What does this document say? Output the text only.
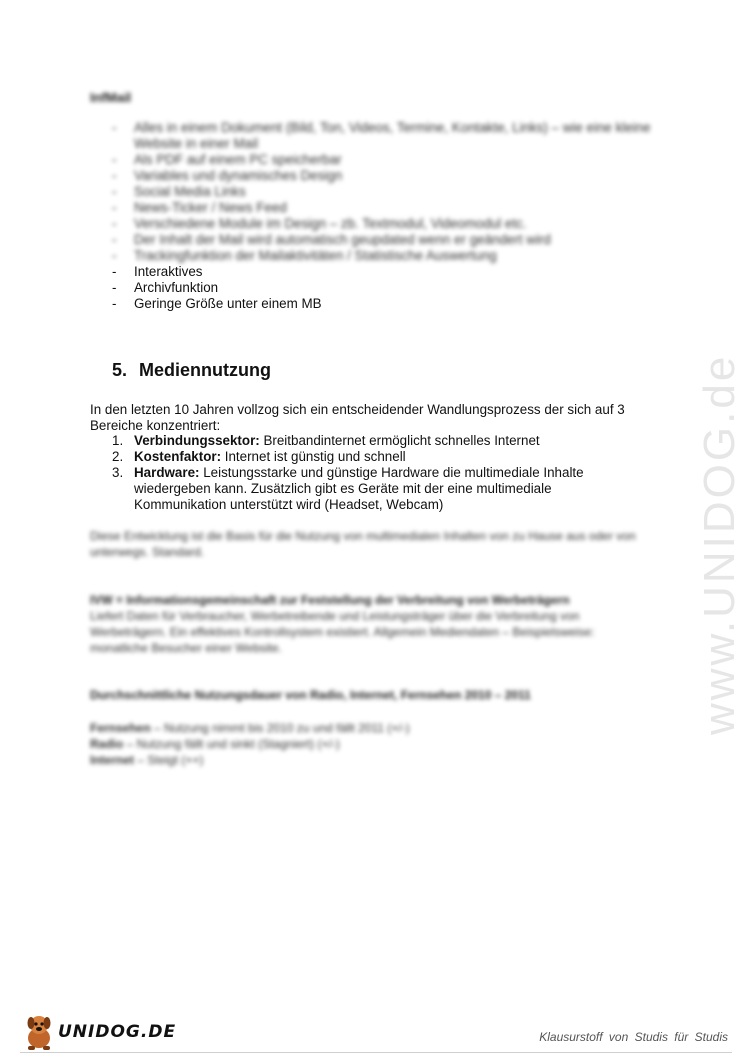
InfMail
- Alles in einem Dokument (Bild, Ton, Videos, Termine, Kontakte, Links) – wie eine kleine Website in einer Mail
- Als PDF auf einem PC speicherbar
- Variables und dynamisches Design
- Social Media Links
- News-Ticker / News Feed
- Verschiedene Module im Design – zb. Textmodul, Videomodul etc.
- Der Inhalt der Mail wird automatisch geupdated wenn er geändert wird
- Trackingfunktion der Mailaktivitäten / Statistische Auswertung
- Interaktives
- Archivfunktion
- Geringe Größe unter einem MB
5. Mediennutzung

In den letzten 10 Jahren vollzog sich ein entscheidender Wandlungsprozess der sich auf 3 Bereiche konzentriert:

1. Verbindungssektor: Breitbandinternet ermöglicht schnelles Internet
2. Kostenfaktor: Internet ist günstig und schnell
3. Hardware: Leistungsstarke und günstige Hardware die multimediale Inhalte wiedergeben kann. Zusätzlich gibt es Geräte mit der eine multimediale Kommunikation unterstützt wird (Headset, Webcam)

Diese Entwicklung ist die Basis für die Nutzung von multimedialen Inhalten von zu Hause aus oder von unterwegs. Standard.

IVW = Informationsgemeinschaft zur Feststellung der Verbreitung von Werbeträgern

Liefert Daten für Verbraucher, Werbetreibende und Leistungsträger über die Verbreitung von Werbeträgern. Ein effektives Kontrollsystem existiert. Allgemein Mediendaten – Beispielsweise: monatliche Besucher einer Website.

Durchschnittliche Nutzungsdauer von Radio, Internet, Fernsehen 2010 – 2011

Fernsehen – Nutzung nimmt bis 2010 zu und fällt 2011 (+/-)
Radio – Nutzung fällt und sinkt (Stagniert) (+/-)
Internet – Steigt (++)
www.UNIDOG.de
UNIDOG.DE	Klausurstoff von Studis für Studis
